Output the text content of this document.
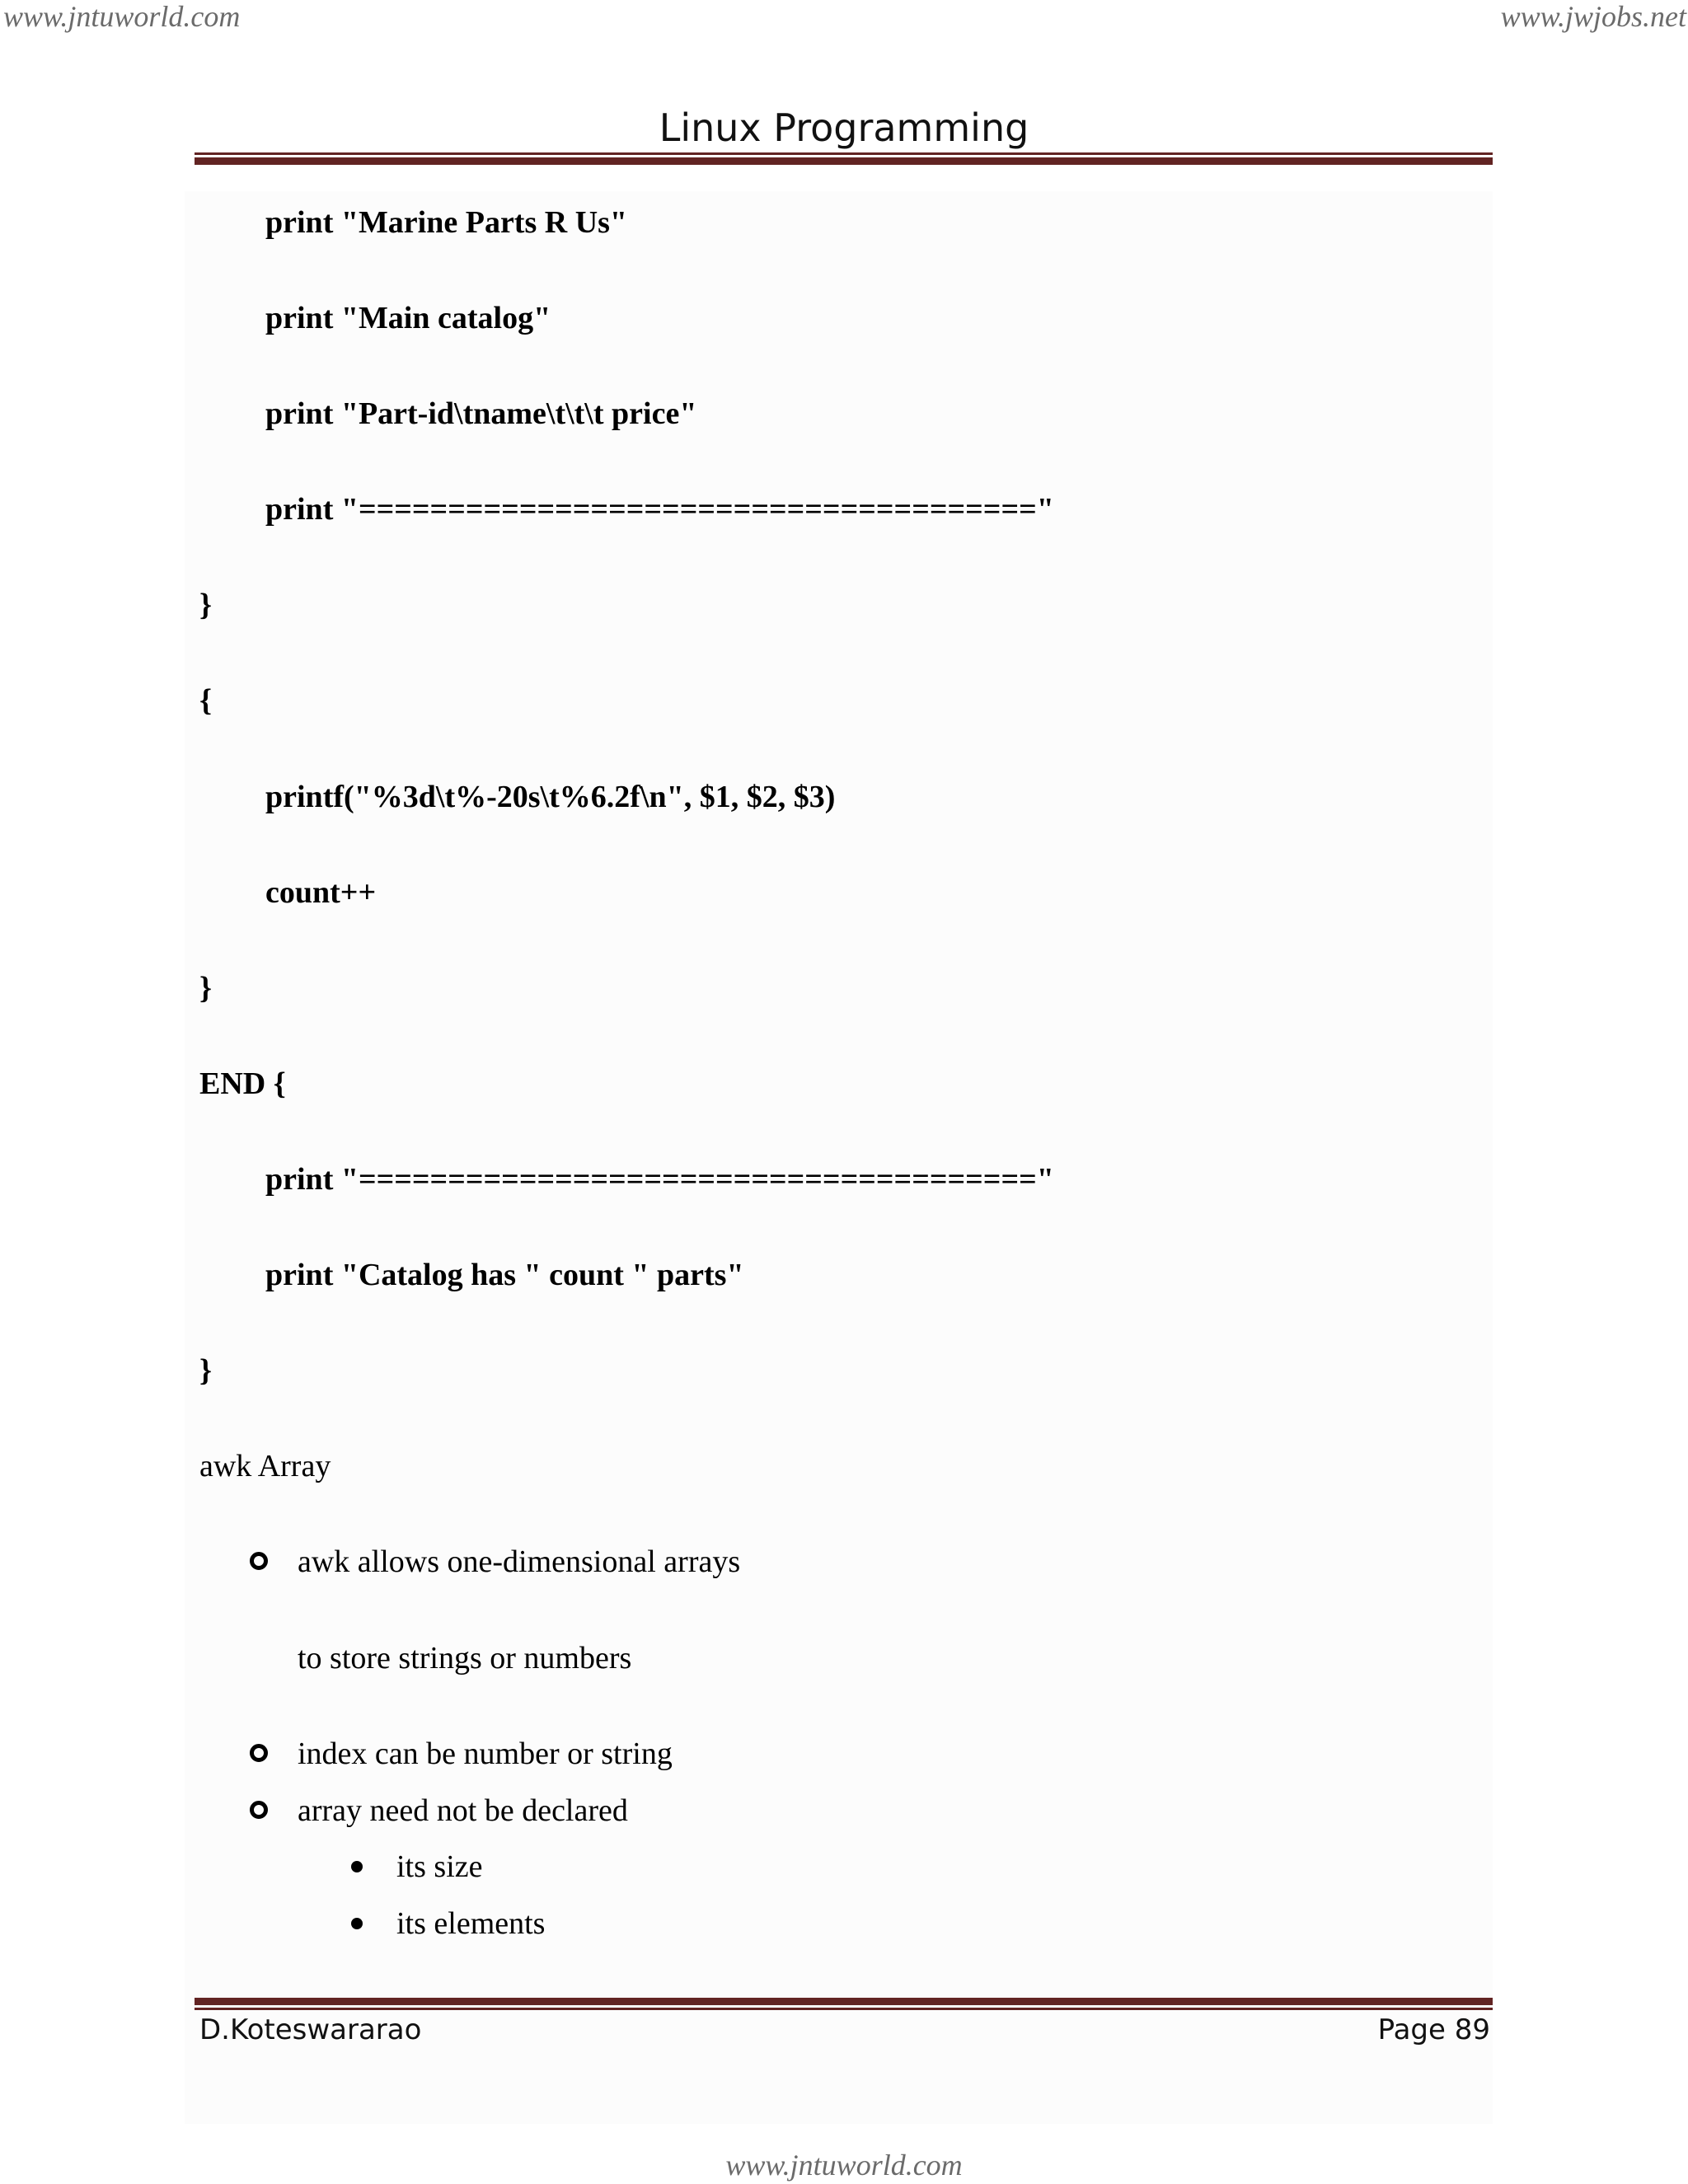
www.jntuworld.com	www.jwjobs.net
Linux Programming
print "Marine Parts R Us"
print "Main catalog"
print "Part-id\tname\t\t\t price"
print "======================================"
}
{
printf("%3d\t%-20s\t%6.2f\n", $1, $2, $3)
count++
}
END {
print "======================================"
print "Catalog has " count " parts"
}
awk Array
awk allows one-dimensional arrays
to store strings or numbers
index can be number or string
array need not be declared
its size
its elements
D.Koteswararao	Page 89
www.jntuworld.com
